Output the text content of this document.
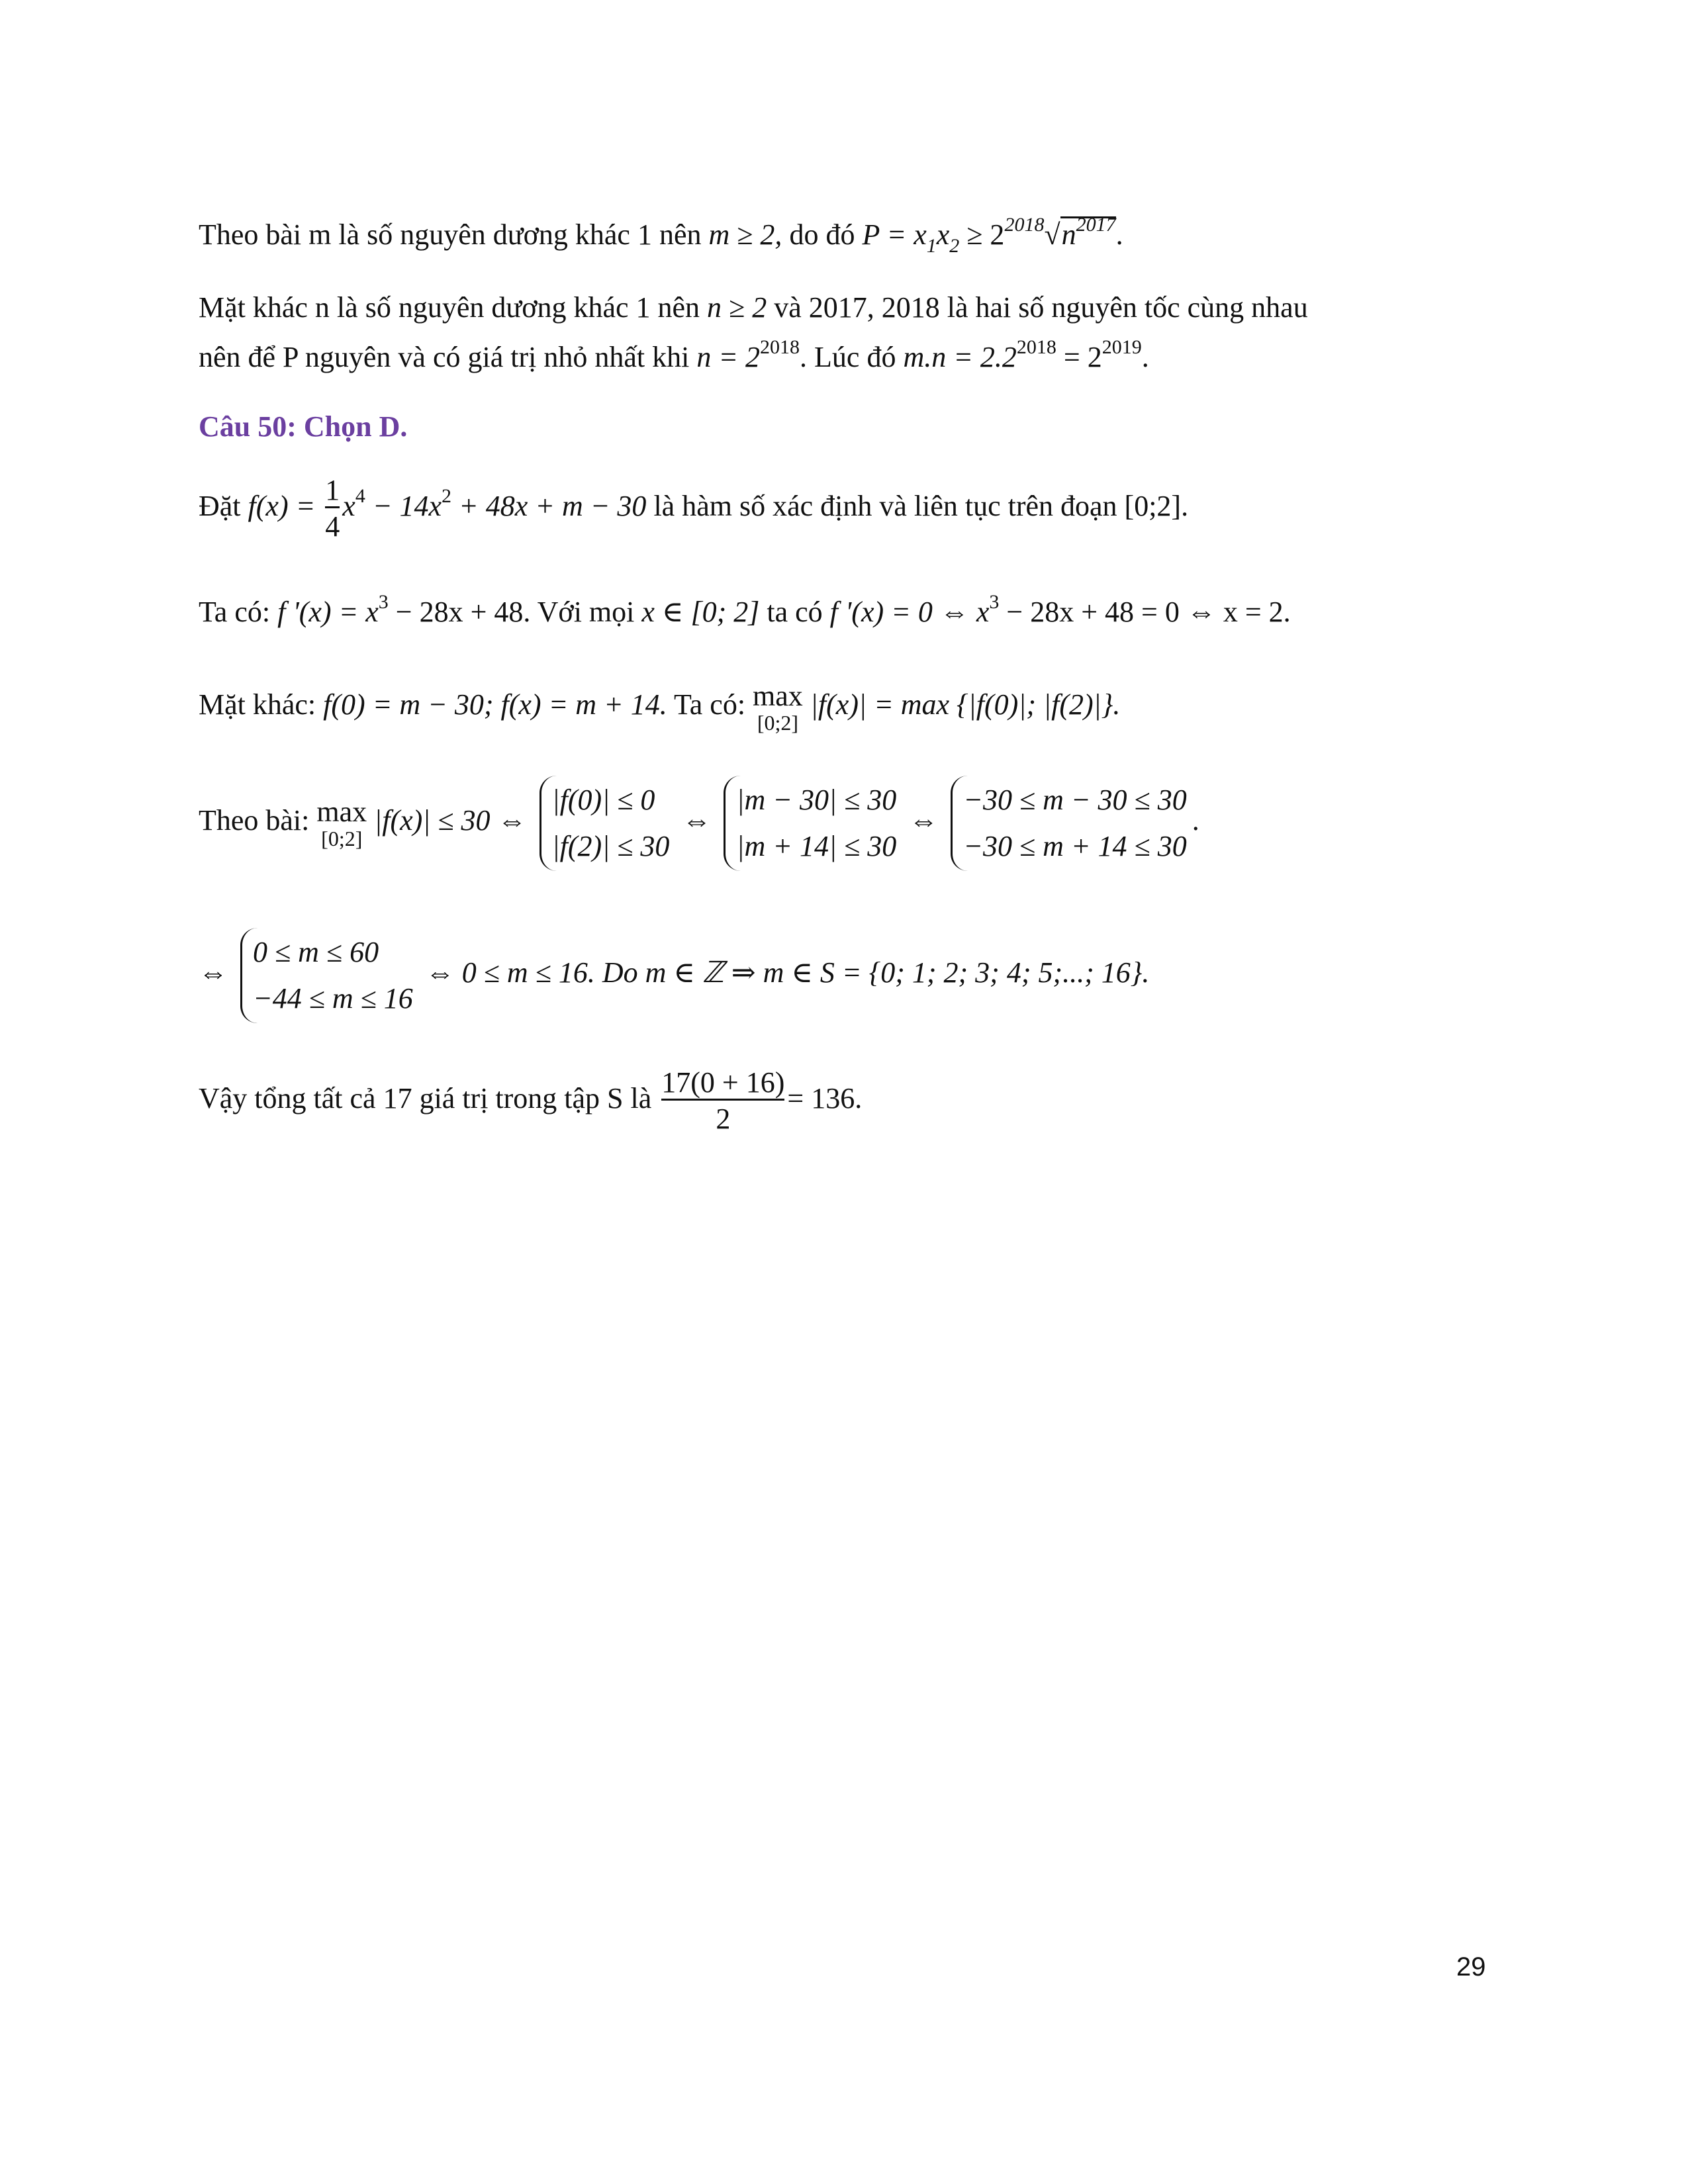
Theo bài m là số nguyên dương khác 1 nên m ≥ 2, do đó $P = x_1x_2 \ge 2^{2018}√n^{2017}$.
Mặt khác n là số nguyên dương khác 1 nên n ≥ 2 và 2017, 2018 là hai số nguyên tốc cùng nhau
nên để P nguyên và có giá trị nhỏ nhất khi $n = 2^{2018}$. Lúc đó $m.n = 2.2^{2018} = 2^{2019}$.
Câu 50: Chọn D.
Đặt $f(x) = \frac{1}{4} x^4 - 14x^2 + 48x + m - 30$ là hàm số xác định và liên tục trên đoạn [0;2].
Ta có: f '$(x) = x^3 - 28x + 48$. Với mọi x ∈ [0; 2] ta có f '(x) = 0 ⇔ $x^3 - 28x + 48 = 0$ ⇔ x = 2.
Mặt khác: f(0) = m − 30; f(x) = m + 14. Ta có: max
[0;2]
|f(x)| = max {|f(0)|; |f(2)|}.
Theo bài: max
[0;2]
|f(x)| ≤ 30 ⇔
|f(0)| ≤ 0
|f(2)| ≤ 30
⇔
|m − 30| ≤ 30
|m + 14| ≤ 30
⇔
−30 ≤ m − 30 ≤ 30
−30 ≤ m + 14 ≤ 30
.
⇔
0 ≤ m ≤ 60
−44 ≤ m ≤ 16
⇔ 0 ≤ m ≤ 16. Do m ∈ ℤ ⇒ m ∈ S = {0; 1; 2; 3; 4; 5;...; 16}.
Vậy tổng tất cả 17 giá trị trong tập S là $\frac{17(0 + 16)}{2} = 136$.
29
